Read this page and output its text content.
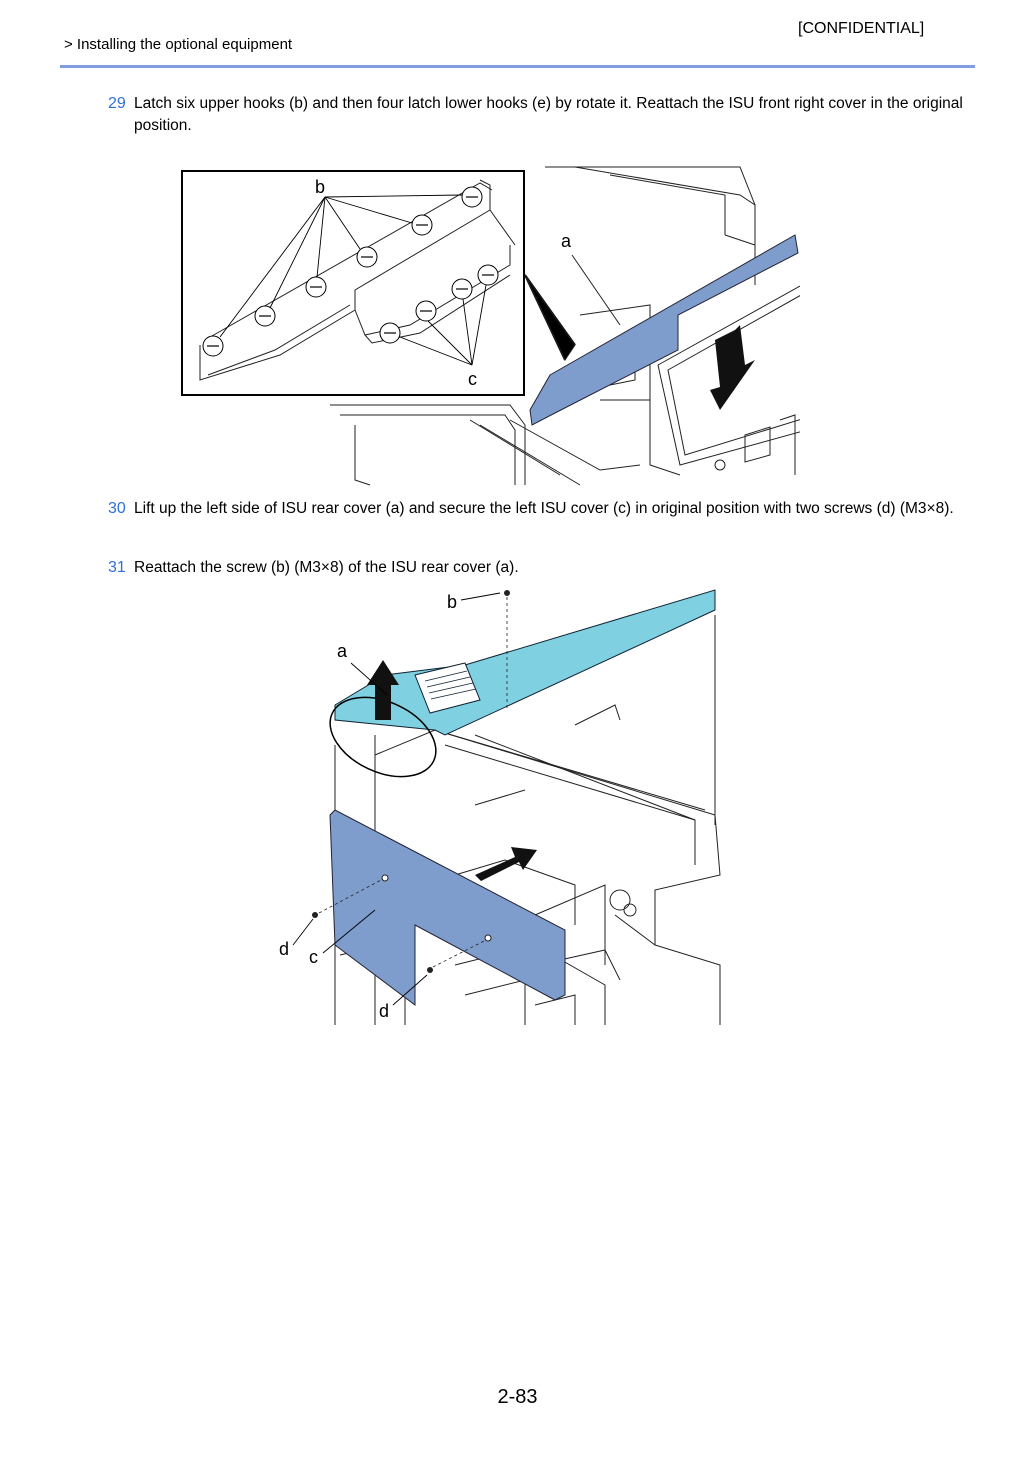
[CONFIDENTIAL]
> Installing the optional equipment
29 Latch six upper hooks (b) and then four latch lower hooks (e) by rotate it. Reattach the ISU front right cover in the original position.
a
b
c
30 Lift up the left side of ISU rear cover (a) and secure the left ISU cover (c) in original position with two screws (d) (M3×8).
31 Reattach the screw (b) (M3×8) of the ISU rear cover (a).
b
a
d c
d
2-83
